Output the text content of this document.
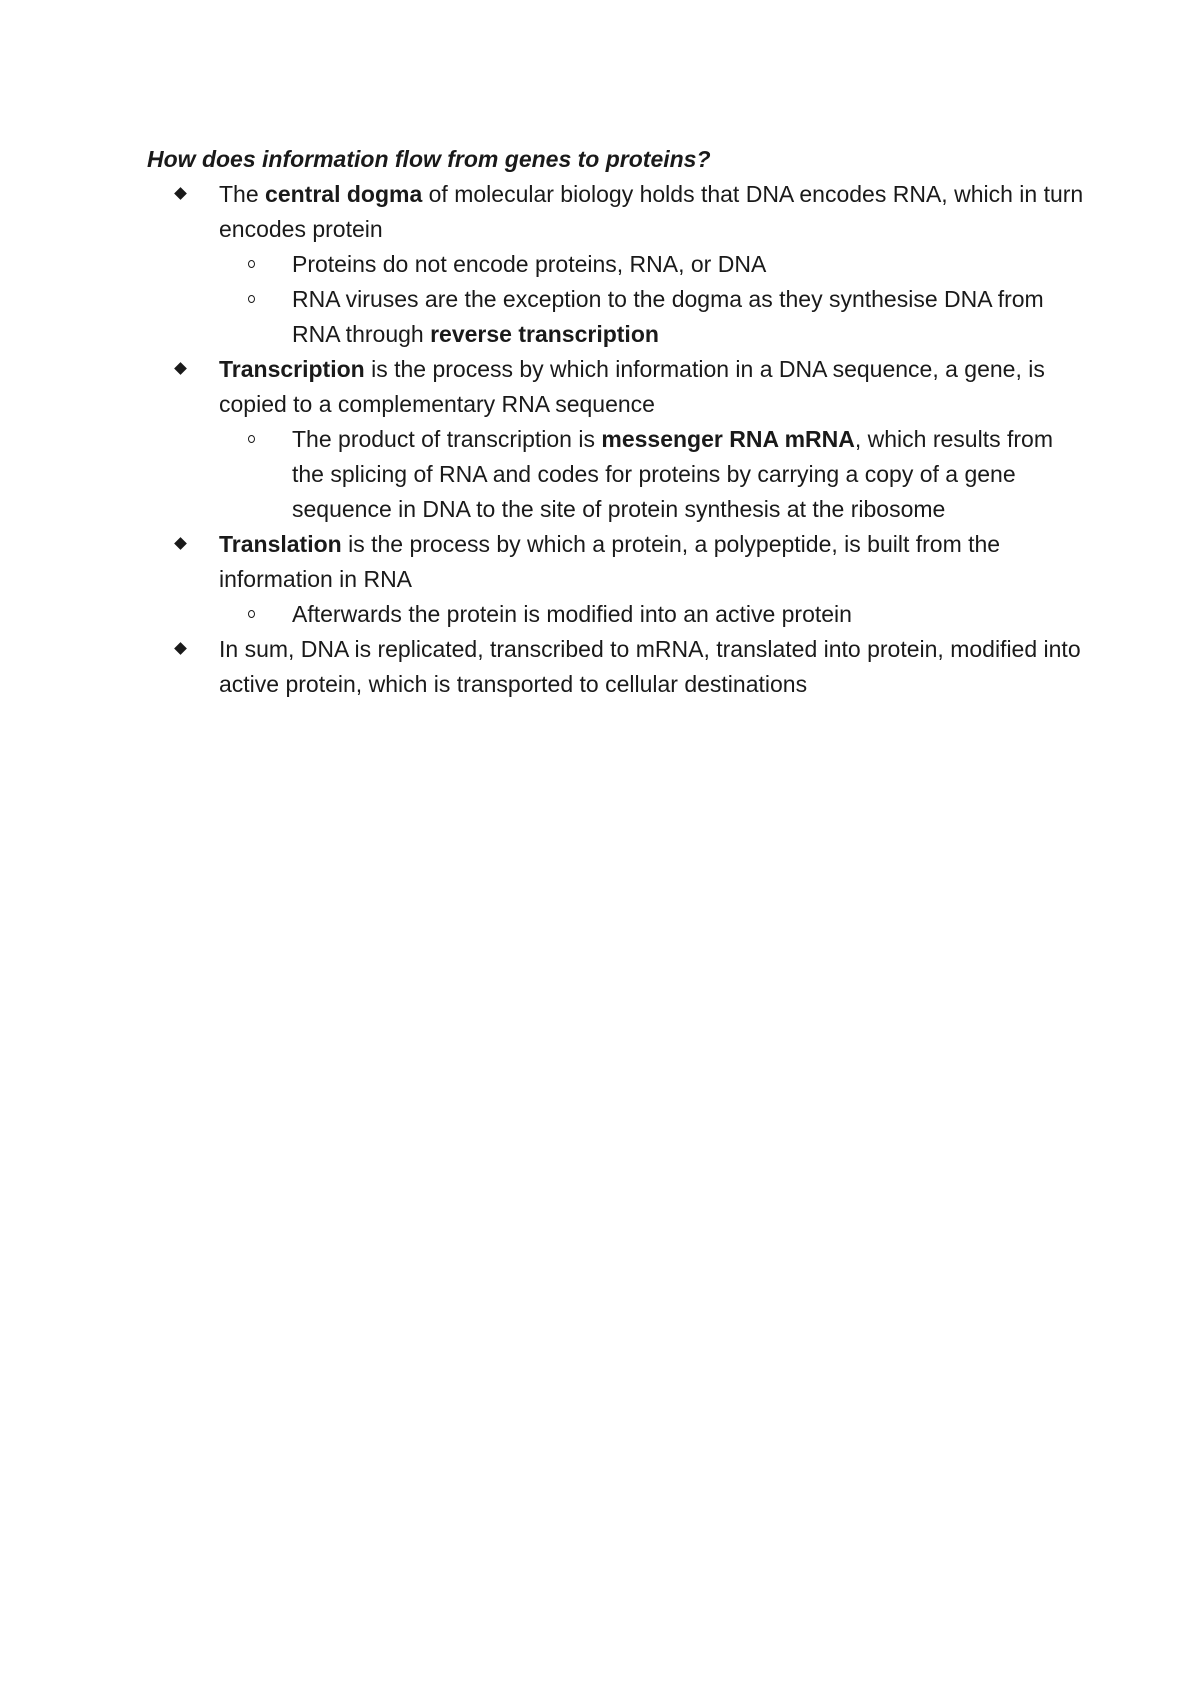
How does information flow from genes to proteins?

The central dogma of molecular biology holds that DNA encodes RNA, which in turn encodes protein
Proteins do not encode proteins, RNA, or DNA
RNA viruses are the exception to the dogma as they synthesise DNA from RNA through reverse transcription
Transcription is the process by which information in a DNA sequence, a gene, is copied to a complementary RNA sequence
The product of transcription is messenger RNA mRNA, which results from the splicing of RNA and codes for proteins by carrying a copy of a gene sequence in DNA to the site of protein synthesis at the ribosome
Translation is the process by which a protein, a polypeptide, is built from the information in RNA
Afterwards the protein is modified into an active protein
In sum, DNA is replicated, transcribed to mRNA, translated into protein, modified into active protein, which is transported to cellular destinations
